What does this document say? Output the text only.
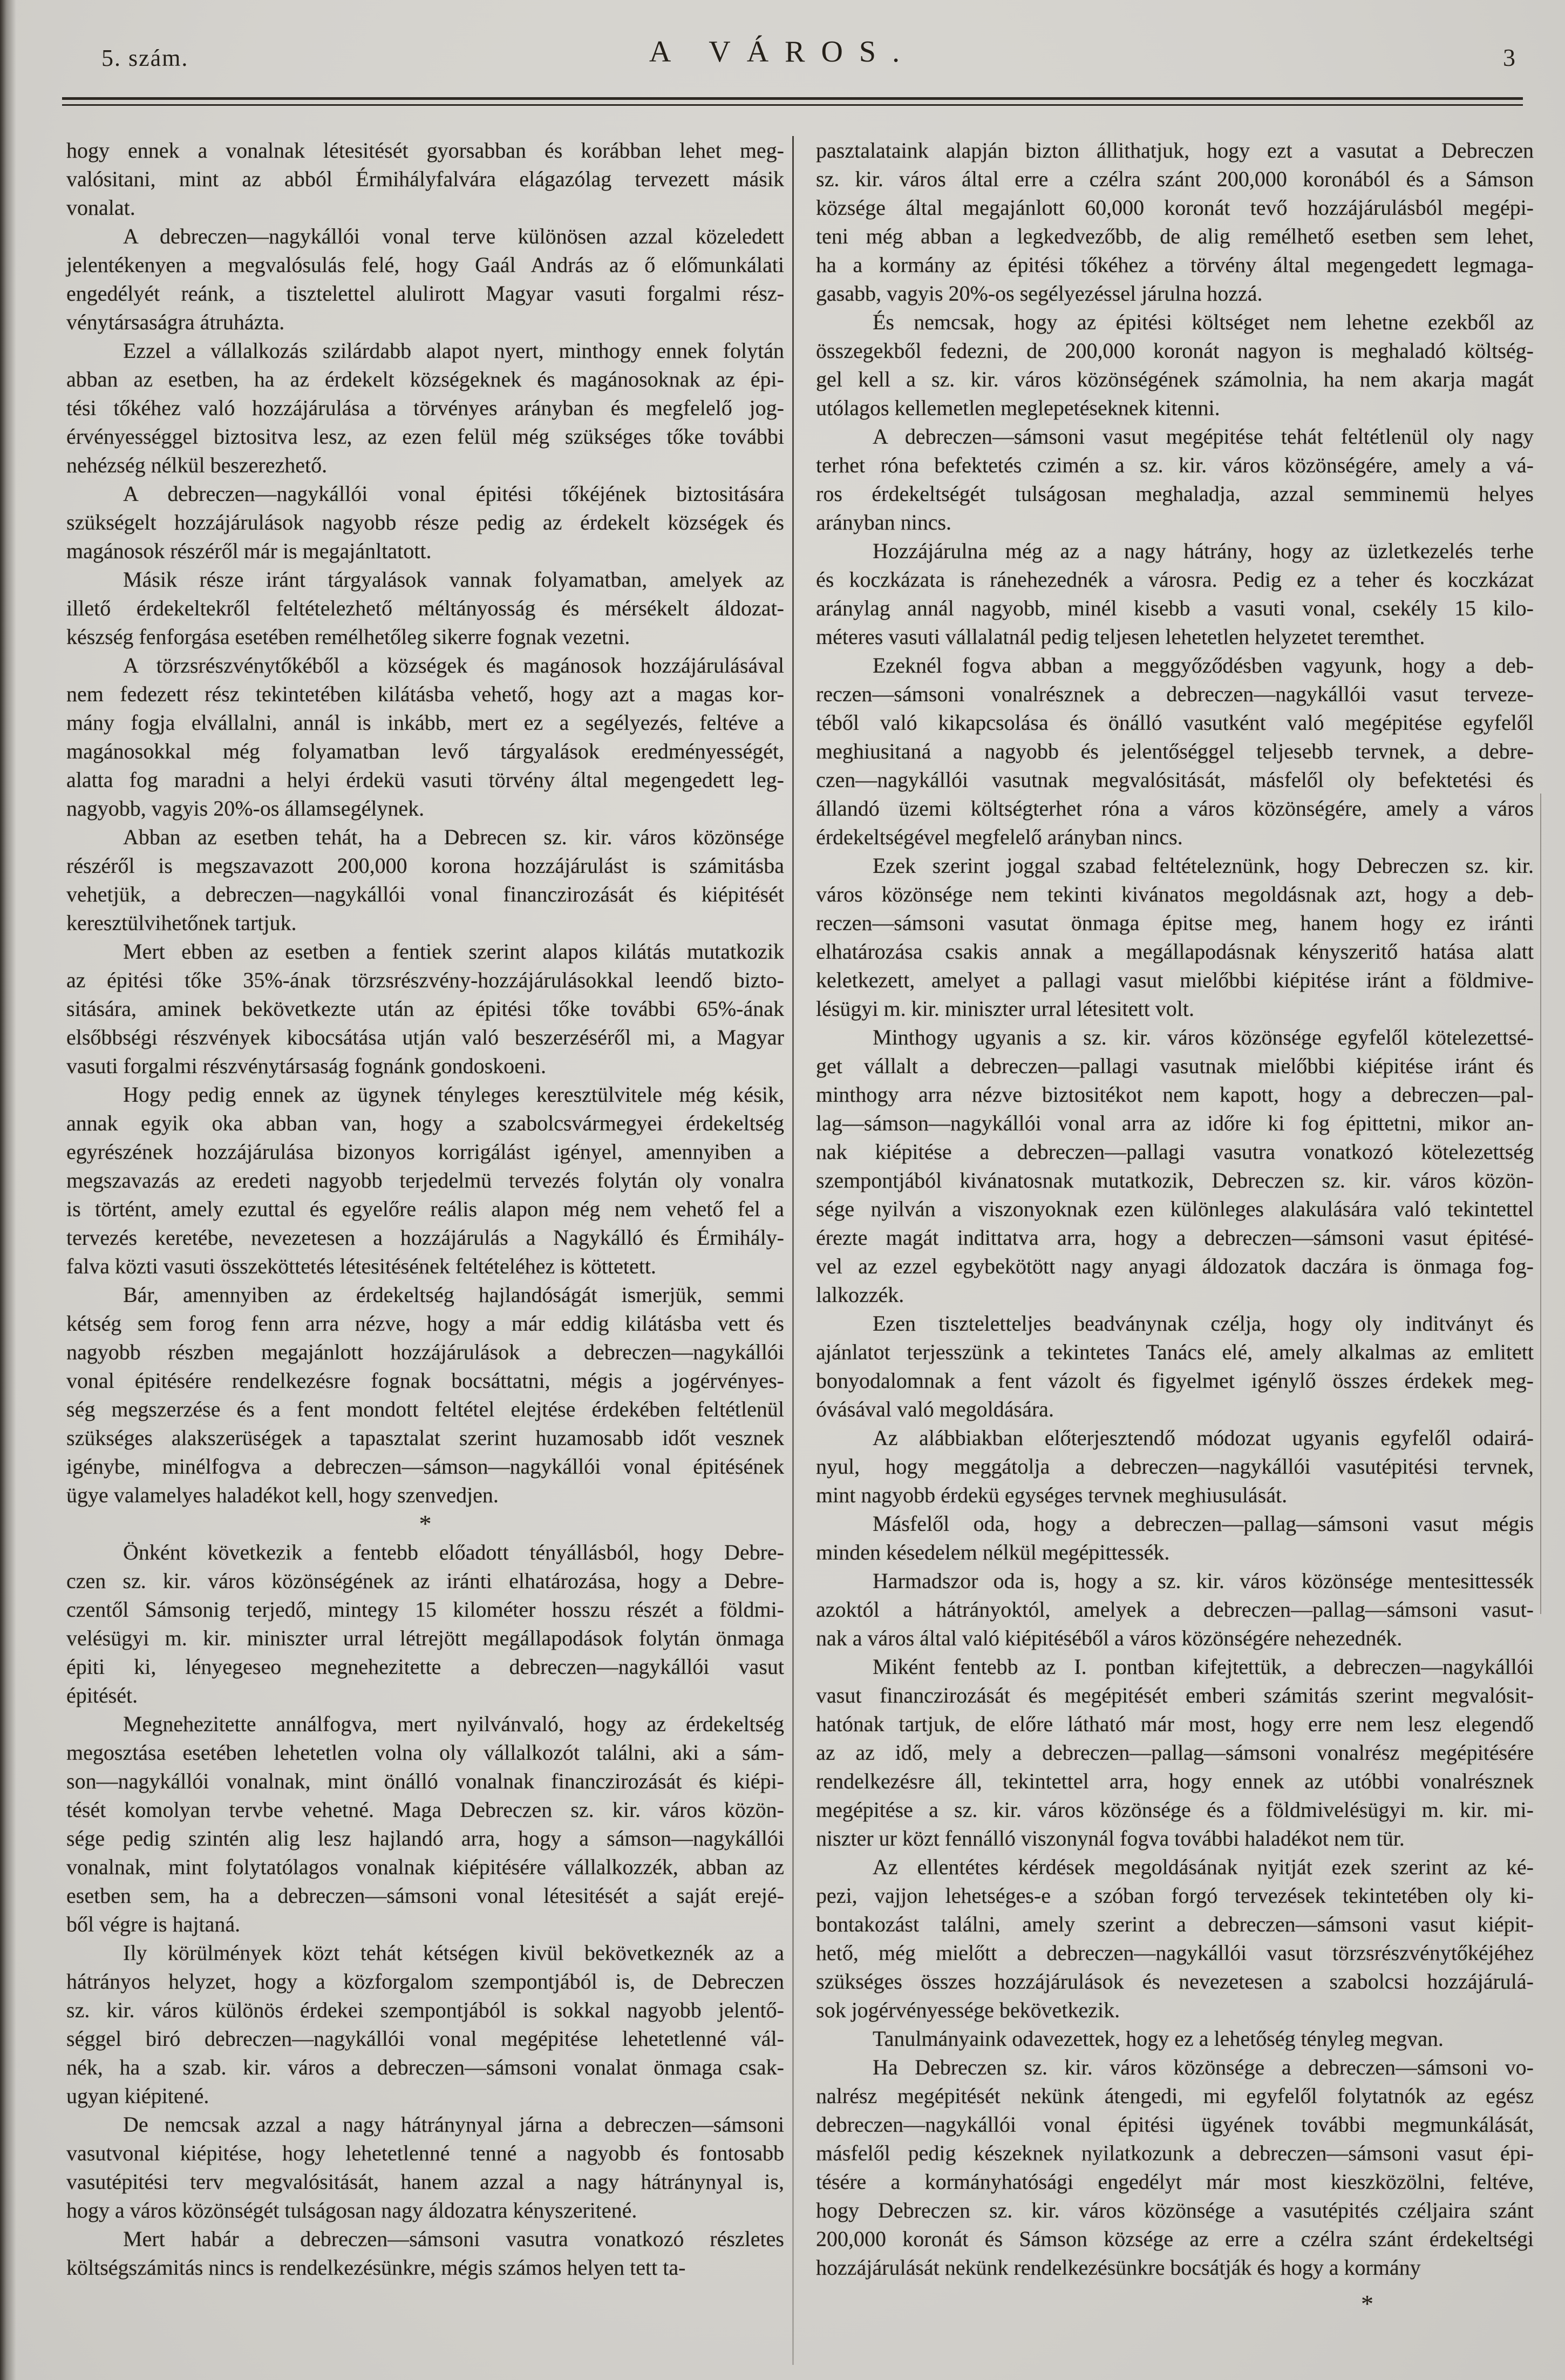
5. szám.	A VÁROS.	3
hogy ennek a vonalnak létesitését gyorsabban és korábban lehet meg-
valósitani, mint az abból Érmihályfalvára elágazólag tervezett másik
vonalat.
A debreczen—nagykállói vonal terve különösen azzal közeledett
jelentékenyen a megvalósulás felé, hogy Gaál András az ő előmunkálati
engedélyét reánk, a tisztelettel alulirott Magyar vasuti forgalmi rész-
vénytársaságra átruházta.
Ezzel a vállalkozás szilárdabb alapot nyert, minthogy ennek folytán
abban az esetben, ha az érdekelt községeknek és magánosoknak az épi-
tési tőkéhez való hozzájárulása a törvényes arányban és megfelelő jog-
érvényességgel biztositva lesz, az ezen felül még szükséges tőke további
nehézség nélkül beszerezhető.
A debreczen—nagykállói vonal épitési tőkéjének biztositására
szükségelt hozzájárulások nagyobb része pedig az érdekelt községek és
magánosok részéről már is megajánltatott.
Másik része iránt tárgyalások vannak folyamatban, amelyek az
illető érdekeltekről feltételezhető méltányosság és mérsékelt áldozat-
készség fenforgása esetében remélhetőleg sikerre fognak vezetni.
A törzsrészvénytőkéből a községek és magánosok hozzájárulásával
nem fedezett rész tekintetében kilátásba vehető, hogy azt a magas kor-
mány fogja elvállalni, annál is inkább, mert ez a segélyezés, feltéve a
magánosokkal még folyamatban levő tárgyalások eredményességét,
alatta fog maradni a helyi érdekü vasuti törvény által megengedett leg-
nagyobb, vagyis 20%-os államsegélynek.
Abban az esetben tehát, ha a Debrecen sz. kir. város közönsége
részéről is megszavazott 200,000 korona hozzájárulást is számitásba
vehetjük, a debreczen—nagykállói vonal financzirozását és kiépitését
keresztülvihetőnek tartjuk.
Mert ebben az esetben a fentiek szerint alapos kilátás mutatkozik
az épitési tőke 35%-ának törzsrészvény-hozzájárulásokkal leendő bizto-
sitására, aminek bekövetkezte után az épitési tőke további 65%-ának
elsőbbségi részvények kibocsátása utján való beszerzéséről mi, a Magyar
vasuti forgalmi részvénytársaság fognánk gondoskoeni.
Hogy pedig ennek az ügynek tényleges keresztülvitele még késik,
annak egyik oka abban van, hogy a szabolcsvármegyei érdekeltség
egyrészének hozzájárulása bizonyos korrigálást igényel, amennyiben a
megszavazás az eredeti nagyobb terjedelmü tervezés folytán oly vonalra
is történt, amely ezuttal és egyelőre reális alapon még nem vehető fel a
tervezés keretébe, nevezetesen a hozzájárulás a Nagykálló és Érmihály-
falva közti vasuti összeköttetés létesitésének feltételéhez is köttetett.
Bár, amennyiben az érdekeltség hajlandóságát ismerjük, semmi
kétség sem forog fenn arra nézve, hogy a már eddig kilátásba vett és
nagyobb részben megajánlott hozzájárulások a debreczen—nagykállói
vonal épitésére rendelkezésre fognak bocsáttatni, mégis a jogérvényes-
ség megszerzése és a fent mondott feltétel elejtése érdekében feltétlenül
szükséges alakszerüségek a tapasztalat szerint huzamosabb időt vesznek
igénybe, minélfogva a debreczen—sámson—nagykállói vonal épitésének
ügye valamelyes haladékot kell, hogy szenvedjen.
*
Önként következik a fentebb előadott tényállásból, hogy Debre-
czen sz. kir. város közönségének az iránti elhatározása, hogy a Debre-
czentől Sámsonig terjedő, mintegy 15 kilométer hosszu részét a földmi-
velésügyi m. kir. miniszter urral létrejött megállapodások folytán önmaga
épiti ki, lényegeseo megnehezitette a debreczen—nagykállói vasut
épitését.
Megnehezitette annálfogva, mert nyilvánvaló, hogy az érdekeltség
megosztása esetében lehetetlen volna oly vállalkozót találni, aki a sám-
son—nagykállói vonalnak, mint önálló vonalnak financzirozását és kiépi-
tését komolyan tervbe vehetné. Maga Debreczen sz. kir. város közön-
sége pedig szintén alig lesz hajlandó arra, hogy a sámson—nagykállói
vonalnak, mint folytatólagos vonalnak kiépitésére vállalkozzék, abban az
esetben sem, ha a debreczen—sámsoni vonal létesitését a saját erejé-
ből végre is hajtaná.
Ily körülmények közt tehát kétségen kivül bekövetkeznék az a
hátrányos helyzet, hogy a közforgalom szempontjából is, de Debreczen
sz. kir. város különös érdekei szempontjából is sokkal nagyobb jelentő-
séggel biró debreczen—nagykállói vonal megépitése lehetetlenné vál-
nék, ha a szab. kir. város a debreczen—sámsoni vonalat önmaga csak-
ugyan kiépitené.
De nemcsak azzal a nagy hátránynyal járna a debreczen—sámsoni
vasutvonal kiépitése, hogy lehetetlenné tenné a nagyobb és fontosabb
vasutépitési terv megvalósitását, hanem azzal a nagy hátránynyal is,
hogy a város közönségét tulságosan nagy áldozatra kényszeritené.
Mert habár a debreczen—sámsoni vasutra vonatkozó részletes
költségszámitás nincs is rendelkezésünkre, mégis számos helyen tett ta-
pasztalataink alapján bizton állithatjuk, hogy ezt a vasutat a Debreczen
sz. kir. város által erre a czélra szánt 200,000 koronából és a Sámson
községe által megajánlott 60,000 koronát tevő hozzájárulásból megépi-
teni még abban a legkedvezőbb, de alig remélhető esetben sem lehet,
ha a kormány az épitési tőkéhez a törvény által megengedett legmaga-
gasabb, vagyis 20%-os segélyezéssel járulna hozzá.
És nemcsak, hogy az épitési költséget nem lehetne ezekből az
összegekből fedezni, de 200,000 koronát nagyon is meghaladó költség-
gel kell a sz. kir. város közönségének számolnia, ha nem akarja magát
utólagos kellemetlen meglepetéseknek kitenni.
A debreczen—sámsoni vasut megépitése tehát feltétlenül oly nagy
terhet róna befektetés czimén a sz. kir. város közönségére, amely a vá-
ros érdekeltségét tulságosan meghaladja, azzal semminemü helyes
arányban nincs.
Hozzájárulna még az a nagy hátrány, hogy az üzletkezelés terhe
és koczkázata is ránehezednék a városra. Pedig ez a teher és koczkázat
aránylag annál nagyobb, minél kisebb a vasuti vonal, csekély 15 kilo-
méteres vasuti vállalatnál pedig teljesen lehetetlen helyzetet teremthet.
Ezeknél fogva abban a meggyőződésben vagyunk, hogy a deb-
reczen—sámsoni vonalrésznek a debreczen—nagykállói vasut terveze-
téből való kikapcsolása és önálló vasutként való megépitése egyfelől
meghiusitaná a nagyobb és jelentőséggel teljesebb tervnek, a debre-
czen—nagykállói vasutnak megvalósitását, másfelől oly befektetési és
állandó üzemi költségterhet róna a város közönségére, amely a város
érdekeltségével megfelelő arányban nincs.
Ezek szerint joggal szabad feltételeznünk, hogy Debreczen sz. kir.
város közönsége nem tekinti kivánatos megoldásnak azt, hogy a deb-
reczen—sámsoni vasutat önmaga épitse meg, hanem hogy ez iránti
elhatározása csakis annak a megállapodásnak kényszeritő hatása alatt
keletkezett, amelyet a pallagi vasut mielőbbi kiépitése iránt a földmive-
lésügyi m. kir. miniszter urral létesitett volt.
Minthogy ugyanis a sz. kir. város közönsége egyfelől kötelezettsé-
get vállalt a debreczen—pallagi vasutnak mielőbbi kiépitése iránt és
minthogy arra nézve biztositékot nem kapott, hogy a debreczen—pal-
lag—sámson—nagykállói vonal arra az időre ki fog épittetni, mikor an-
nak kiépitése a debreczen—pallagi vasutra vonatkozó kötelezettség
szempontjából kivánatosnak mutatkozik, Debreczen sz. kir. város közön-
sége nyilván a viszonyoknak ezen különleges alakulására való tekintettel
érezte magát indittatva arra, hogy a debreczen—sámsoni vasut épitésé-
vel az ezzel egybekötött nagy anyagi áldozatok daczára is önmaga fog-
lalkozzék.
Ezen tiszteletteljes beadványnak czélja, hogy oly inditványt és
ajánlatot terjesszünk a tekintetes Tanács elé, amely alkalmas az emlitett
bonyodalomnak a fent vázolt és figyelmet igénylő összes érdekek meg-
óvásával való megoldására.
Az alábbiakban előterjesztendő módozat ugyanis egyfelől odairá-
nyul, hogy meggátolja a debreczen—nagykállói vasutépitési tervnek,
mint nagyobb érdekü egységes tervnek meghiusulását.
Másfelől oda, hogy a debreczen—pallag—sámsoni vasut mégis
minden késedelem nélkül megépittessék.
Harmadszor oda is, hogy a sz. kir. város közönsége mentesittessék
azoktól a hátrányoktól, amelyek a debreczen—pallag—sámsoni vasut-
nak a város által való kiépitéséből a város közönségére nehezednék.
Miként fentebb az I. pontban kifejtettük, a debreczen—nagykállói
vasut financzirozását és megépitését emberi számitás szerint megvalósit-
hatónak tartjuk, de előre látható már most, hogy erre nem lesz elegendő
az az idő, mely a debreczen—pallag—sámsoni vonalrész megépitésére
rendelkezésre áll, tekintettel arra, hogy ennek az utóbbi vonalrésznek
megépitése a sz. kir. város közönsége és a földmivelésügyi m. kir. mi-
niszter ur közt fennálló viszonynál fogva további haladékot nem tür.
Az ellentétes kérdések megoldásának nyitját ezek szerint az ké-
pezi, vajjon lehetséges-e a szóban forgó tervezések tekintetében oly ki-
bontakozást találni, amely szerint a debreczen—sámsoni vasut kiépit-
hető, még mielőtt a debreczen—nagykállói vasut törzsrészvénytőkéjéhez
szükséges összes hozzájárulások és nevezetesen a szabolcsi hozzájárulá-
sok jogérvényessége bekövetkezik.
Tanulmányaink odavezettek, hogy ez a lehetőség tényleg megvan.
Ha Debreczen sz. kir. város közönsége a debreczen—sámsoni vo-
nalrész megépitését nekünk átengedi, mi egyfelől folytatnók az egész
debreczen—nagykállói vonal épitési ügyének további megmunkálását,
másfelől pedig készeknek nyilatkozunk a debreczen—sámsoni vasut épi-
tésére a kormányhatósági engedélyt már most kieszközölni, feltéve,
hogy Debreczen sz. kir. város közönsége a vasutépités czéljaira szánt
200,000 koronát és Sámson községe az erre a czélra szánt érdekeltségi
hozzájárulását nekünk rendelkezésünkre bocsátják és hogy a kormány
*
